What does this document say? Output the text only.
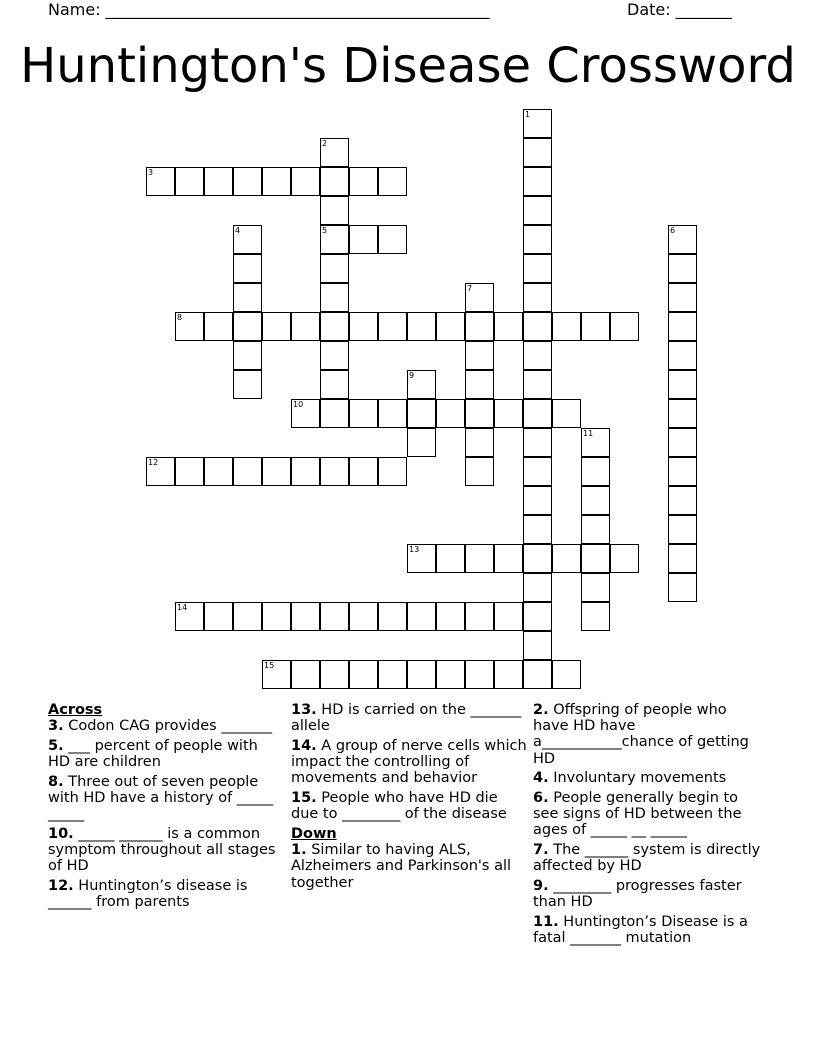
Name: ________________________________________________	Date: _______
Huntington's Disease Crossword
2
5
3
4	6
7
8
9
10
11
12
13
14
15
1
Across
3. Codon CAG provides _______
5. ___ percent of people with HD are children
8. Three out of seven people with HD have a history of _____ _____
10. _____ ______ is a common symptom throughout all stages of HD
12. Huntington’s disease is ______ from parents
13. HD is carried on the _______ allele
14. A group of nerve cells which impact the controlling of movements and behavior
15. People who have HD die due to ________ of the disease
Down
1. Similar to having ALS, Alzheimers and Parkinson's all together
2. Offspring of people who have HD have a___________chance of getting HD
4. Involuntary movements
6. People generally begin to see signs of HD between the ages of _____ __ _____
7. The ______ system is directly affected by HD
9. ________ progresses faster than HD
11. Huntington’s Disease is a fatal _______ mutation
